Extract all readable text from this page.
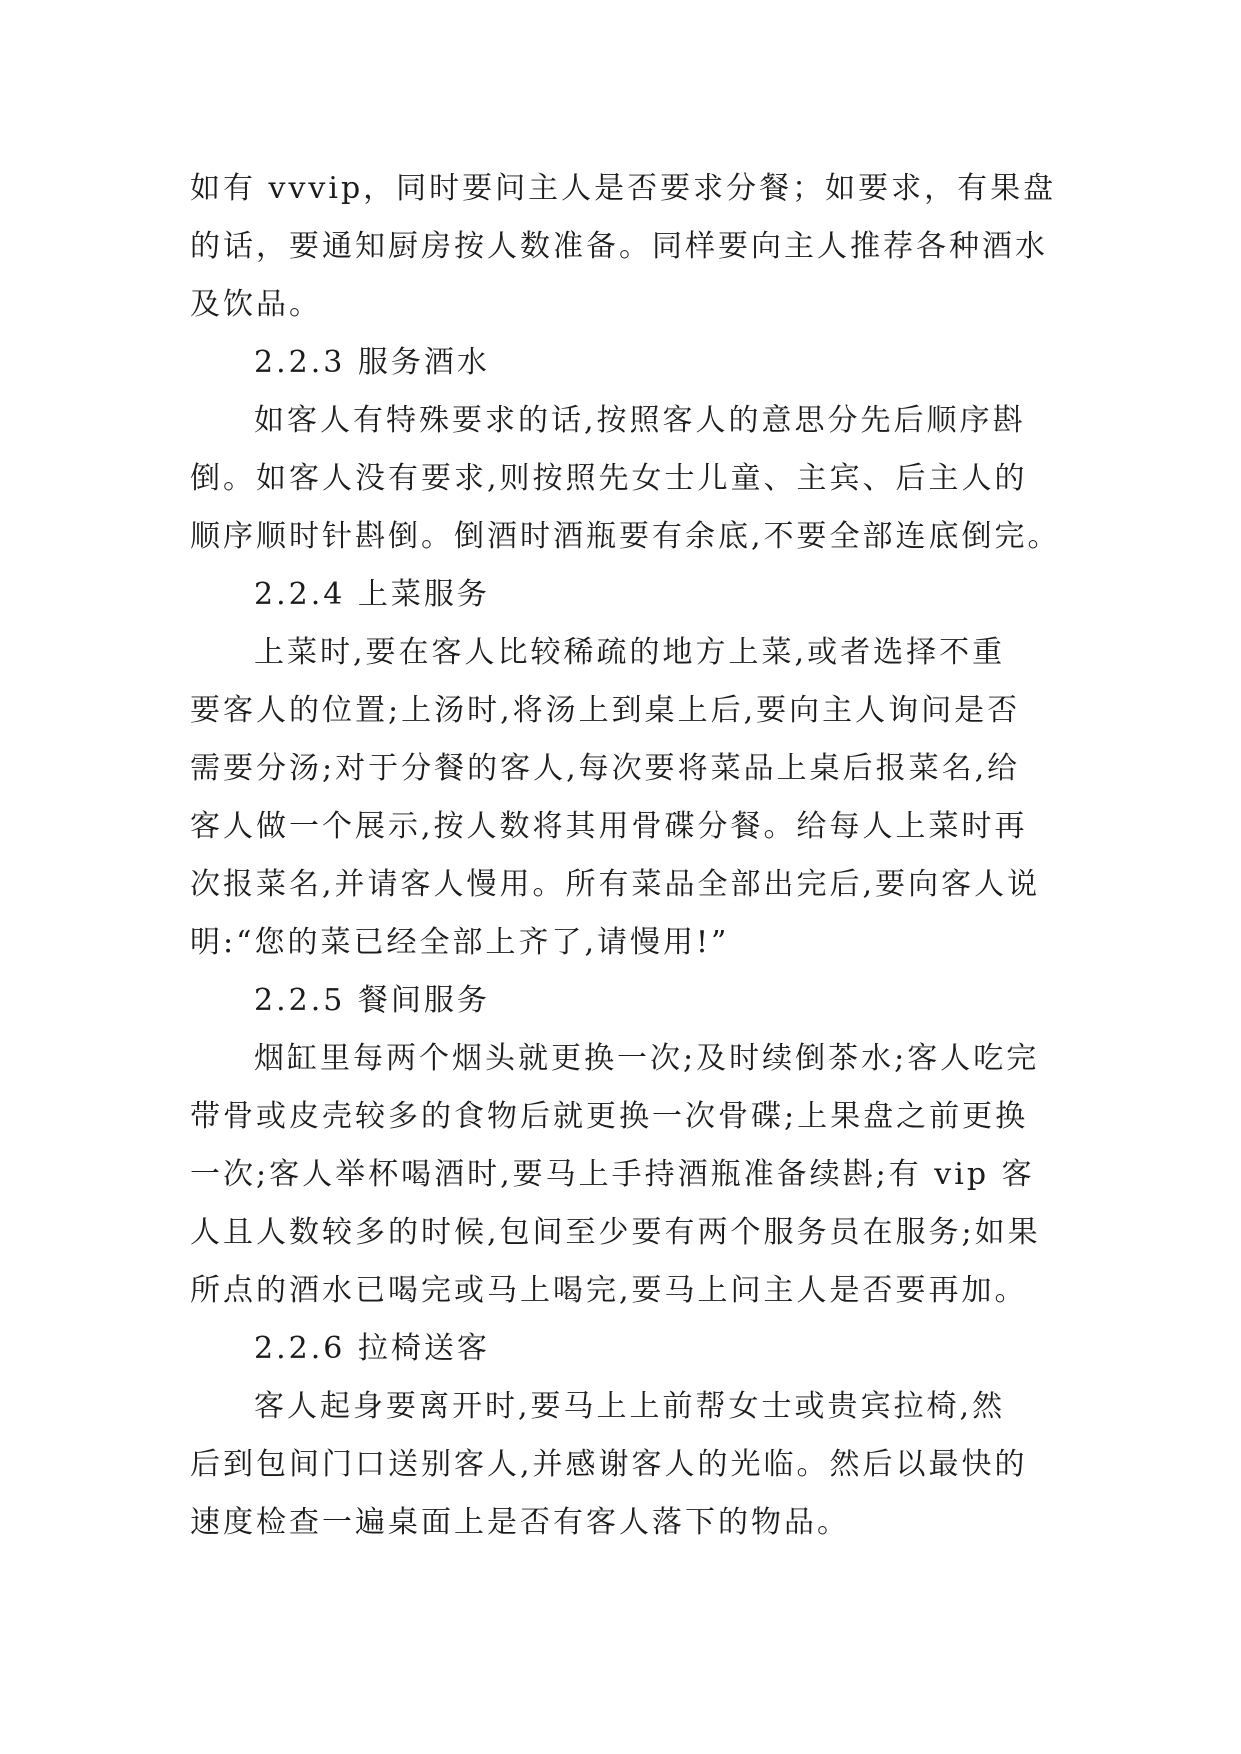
如有 vvvip，同时要问主人是否要求分餐；如要求，有果盘
的话，要通知厨房按人数准备。同样要向主人推荐各种酒水
及饮品。
2.2.3 服务酒水
如客人有特殊要求的话,按照客人的意思分先后顺序斟
倒。如客人没有要求,则按照先女士儿童、主宾、后主人的
顺序顺时针斟倒。倒酒时酒瓶要有余底,不要全部连底倒完。
2.2.4 上菜服务
上菜时,要在客人比较稀疏的地方上菜,或者选择不重
要客人的位置;上汤时,将汤上到桌上后,要向主人询问是否
需要分汤;对于分餐的客人,每次要将菜品上桌后报菜名,给
客人做一个展示,按人数将其用骨碟分餐。给每人上菜时再
次报菜名,并请客人慢用。所有菜品全部出完后,要向客人说
明:“您的菜已经全部上齐了,请慢用!”
2.2.5 餐间服务
烟缸里每两个烟头就更换一次;及时续倒茶水;客人吃完
带骨或皮壳较多的食物后就更换一次骨碟;上果盘之前更换
一次;客人举杯喝酒时,要马上手持酒瓶准备续斟;有 vip 客
人且人数较多的时候,包间至少要有两个服务员在服务;如果
所点的酒水已喝完或马上喝完,要马上问主人是否要再加。
2.2.6 拉椅送客
客人起身要离开时,要马上上前帮女士或贵宾拉椅,然
后到包间门口送别客人,并感谢客人的光临。然后以最快的
速度检查一遍桌面上是否有客人落下的物品。
